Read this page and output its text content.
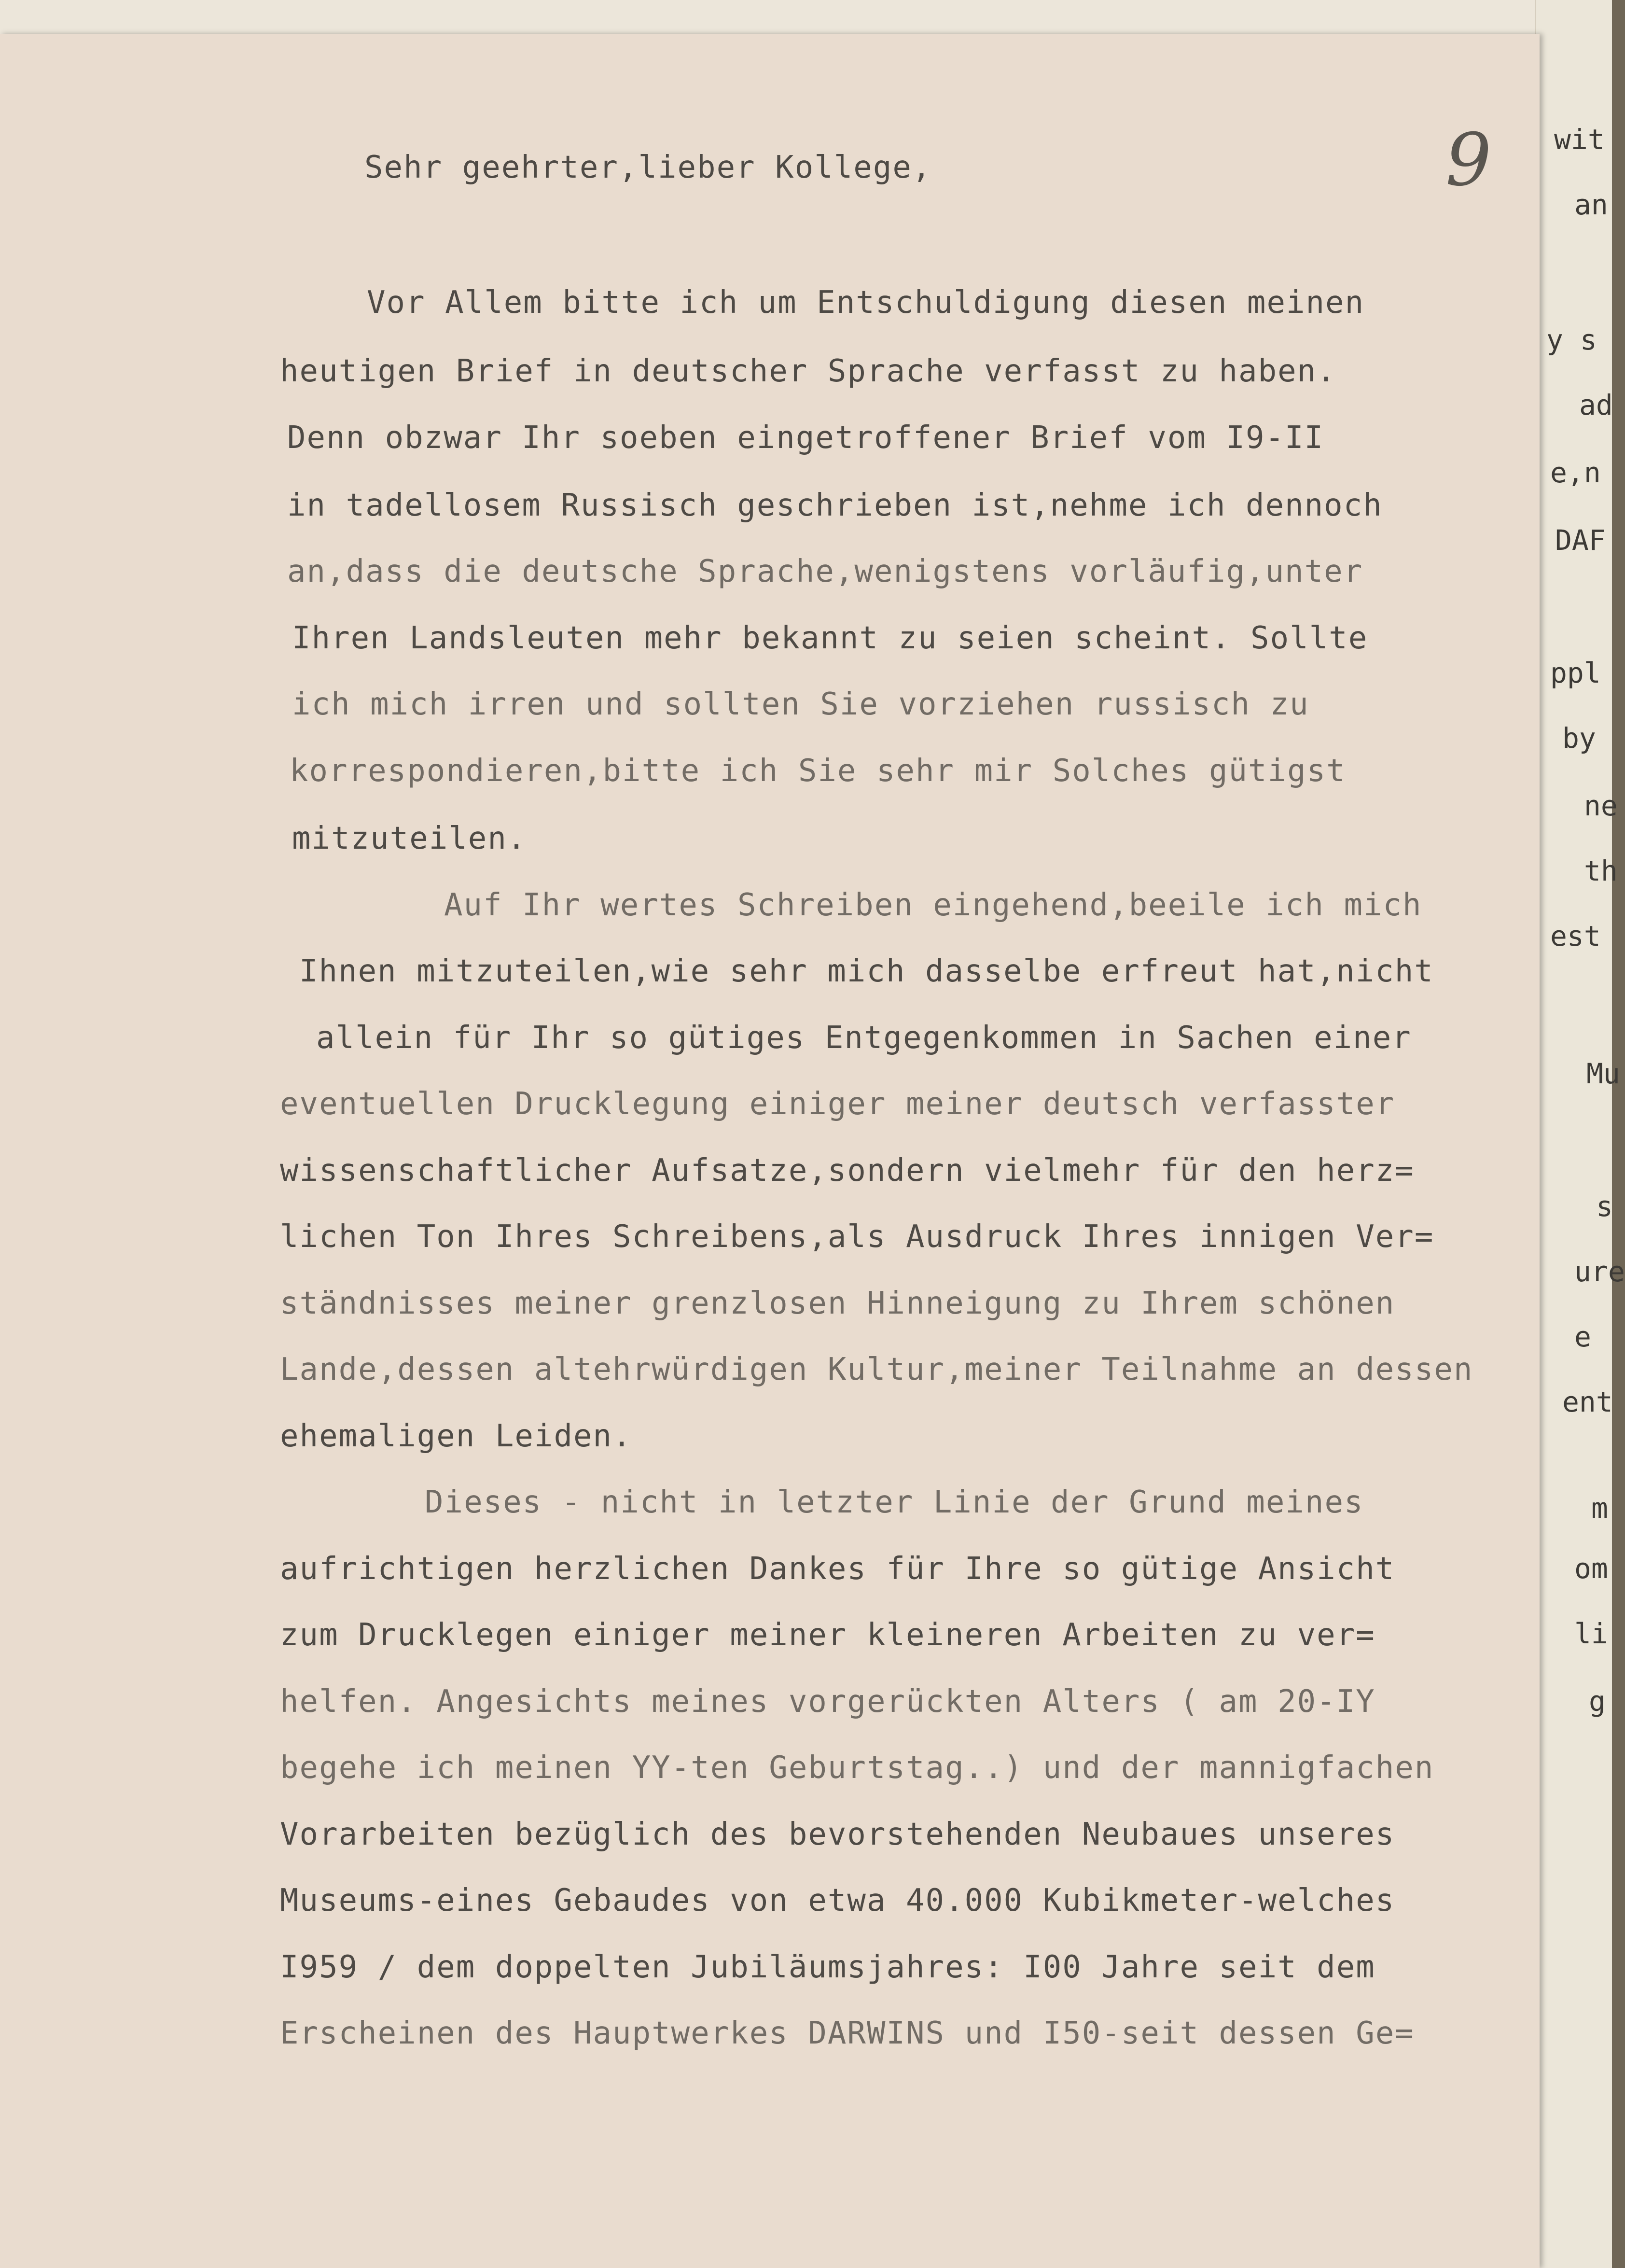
wit
an
y s
ad
e,n
DAF
ppl
by
ne
th
est
Mu
s
ure
e
ent
m
om
li
g
9
Sehr geehrter,lieber Kollege,
Vor Allem bitte ich um Entschuldigung diesen meinen
heutigen Brief in deutscher Sprache verfasst zu haben.
Denn obzwar Ihr soeben eingetroffener Brief vom I9-II
in tadellosem Russisch geschrieben ist,nehme ich dennoch
an,dass die deutsche Sprache,wenigstens vorläufig,unter
Ihren Landsleuten mehr bekannt zu seien scheint. Sollte
ich mich irren und sollten Sie vorziehen russisch zu
korrespondieren,bitte ich Sie sehr mir Solches gütigst
mitzuteilen.
Auf Ihr wertes Schreiben eingehend,beeile ich mich
Ihnen mitzuteilen,wie sehr mich dasselbe erfreut hat,nicht
allein für Ihr so gütiges Entgegenkommen in Sachen einer
eventuellen Drucklegung einiger meiner deutsch verfasster
wissenschaftlicher Aufsatze,sondern vielmehr für den herz=
lichen Ton Ihres Schreibens,als Ausdruck Ihres innigen Ver=
ständnisses meiner grenzlosen Hinneigung zu Ihrem schönen
Lande,dessen altehrwürdigen Kultur,meiner Teilnahme an dessen
ehemaligen Leiden.
Dieses - nicht in letzter Linie der Grund meines
aufrichtigen herzlichen Dankes für Ihre so gütige Ansicht
zum Drucklegen einiger meiner kleineren Arbeiten zu ver=
helfen. Angesichts meines vorgerückten Alters ( am 20-IY
begehe ich meinen YY-ten Geburtstag..) und der mannigfachen
Vorarbeiten bezüglich des bevorstehenden Neubaues unseres
Museums-eines Gebaudes von etwa 40.000 Kubikmeter-welches
I959 / dem doppelten Jubiläumsjahres: I00 Jahre seit dem
Erscheinen des Hauptwerkes DARWINS und I50-seit dessen Ge=
